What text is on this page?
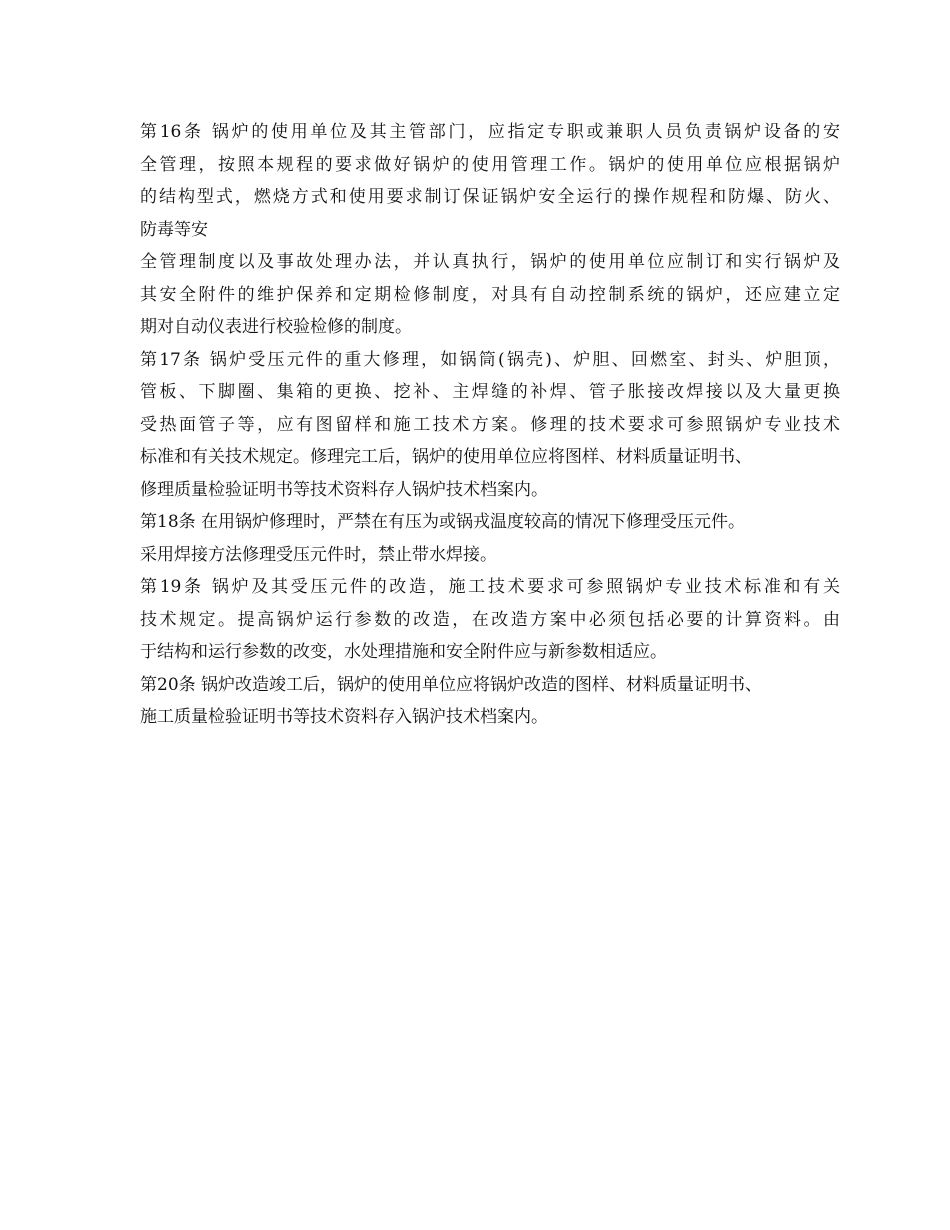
第16条 锅炉的使用单位及其主管部门，应指定专职或兼职人员负责锅炉设备的安
全管理，按照本规程的要求做好锅炉的使用管理工作。锅炉的使用单位应根据锅炉
的结构型式，燃烧方式和使用要求制订保证锅炉安全运行的操作规程和防爆、防火、
防毒等安
全管理制度以及事故处理办法，并认真执行，锅炉的使用单位应制订和实行锅炉及
其安全附件的维护保养和定期检修制度，对具有自动控制系统的锅炉，还应建立定
期对自动仪表进行校验检修的制度。
第17条 锅炉受压元件的重大修理，如锅筒(锅壳)、炉胆、回燃室、封头、炉胆顶，
管板、下脚圈、集箱的更换、挖补、主焊缝的补焊、管子胀接改焊接以及大量更换
受热面管子等，应有图留样和施工技术方案。修理的技术要求可参照锅炉专业技术
标准和有关技术规定。修理完工后，锅炉的使用单位应将图样、材料质量证明书、
修理质量检验证明书等技术资料存人锅炉技术档案内。
第18条 在用锅炉修理时，严禁在有压为或锅戎温度较高的情况下修理受压元件。
采用焊接方法修理受压元件时，禁止带水焊接。
第19条 锅炉及其受压元件的改造，施工技术要求可参照锅炉专业技术标准和有关
技术规定。提高锅炉运行参数的改造，在改造方案中必须包括必要的计算资料。由
于结构和运行参数的改变，水处理措施和安全附件应与新参数相适应。
第20条 锅炉改造竣工后，锅炉的使用单位应将锅炉改造的图样、材料质量证明书、
施工质量检验证明书等技术资料存入锅沪技术档案内。
